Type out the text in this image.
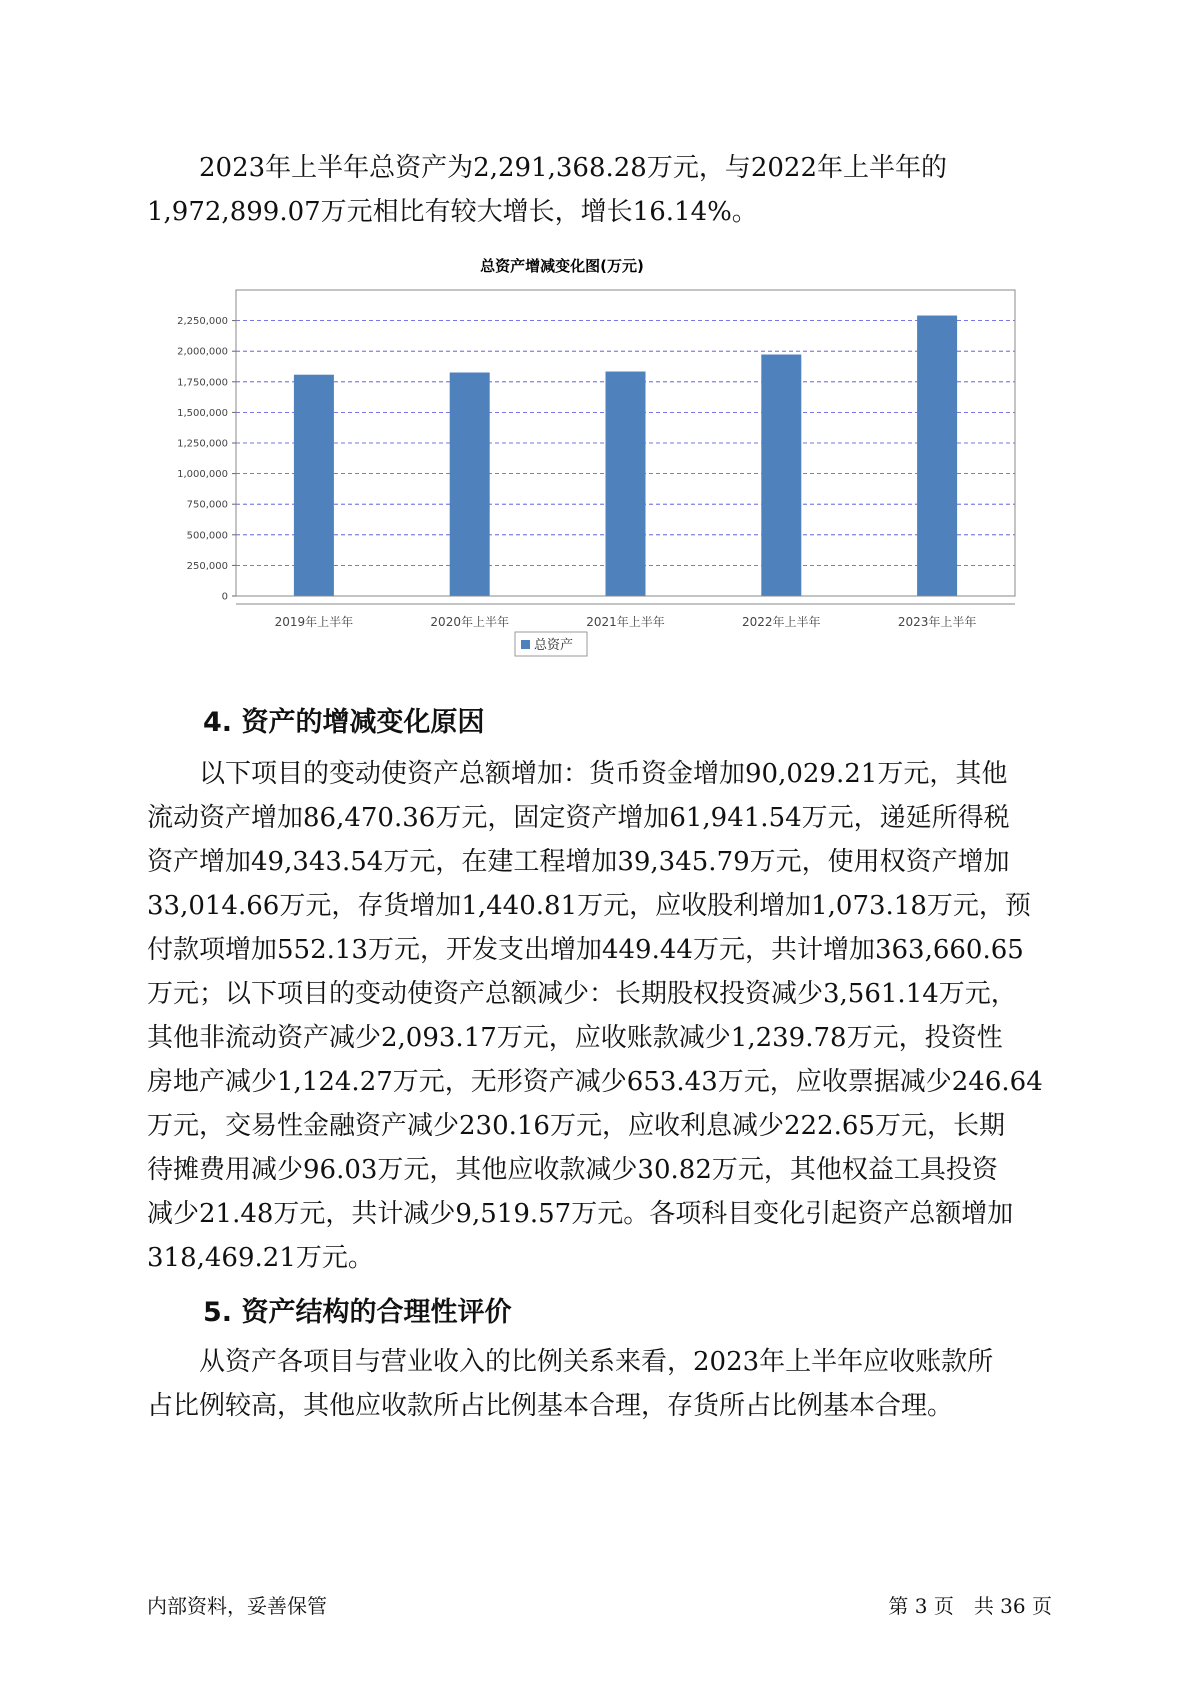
2023年上半年总资产为2,291,368.28万元，与2022年上半年的
1,972,899.07万元相比有较大增长，增长16.14%。
总资产增减变化图(万元)
0
250,000
500,000
750,000
1,000,000
1,250,000
1,500,000
1,750,000
2,000,000
2,250,000
2019年上半年	2020年上半年	2021年上半年	2022年上半年	2023年上半年
总资产
4. 资产的增减变化原因
以下项目的变动使资产总额增加：货币资金增加90,029.21万元，其他
流动资产增加86,470.36万元，固定资产增加61,941.54万元，递延所得税
资产增加49,343.54万元，在建工程增加39,345.79万元，使用权资产增加
33,014.66万元，存货增加1,440.81万元，应收股利增加1,073.18万元，预
付款项增加552.13万元，开发支出增加449.44万元，共计增加363,660.65
万元；以下项目的变动使资产总额减少：长期股权投资减少3,561.14万元，
其他非流动资产减少2,093.17万元，应收账款减少1,239.78万元，投资性
房地产减少1,124.27万元，无形资产减少653.43万元，应收票据减少246.64
万元，交易性金融资产减少230.16万元，应收利息减少222.65万元，长期
待摊费用减少96.03万元，其他应收款减少30.82万元，其他权益工具投资
减少21.48万元，共计减少9,519.57万元。各项科目变化引起资产总额增加
318,469.21万元。
5. 资产结构的合理性评价
从资产各项目与营业收入的比例关系来看，2023年上半年应收账款所
占比例较高，其他应收款所占比例基本合理，存货所占比例基本合理。
内部资料，妥善保管	第 3 页　共 36 页
